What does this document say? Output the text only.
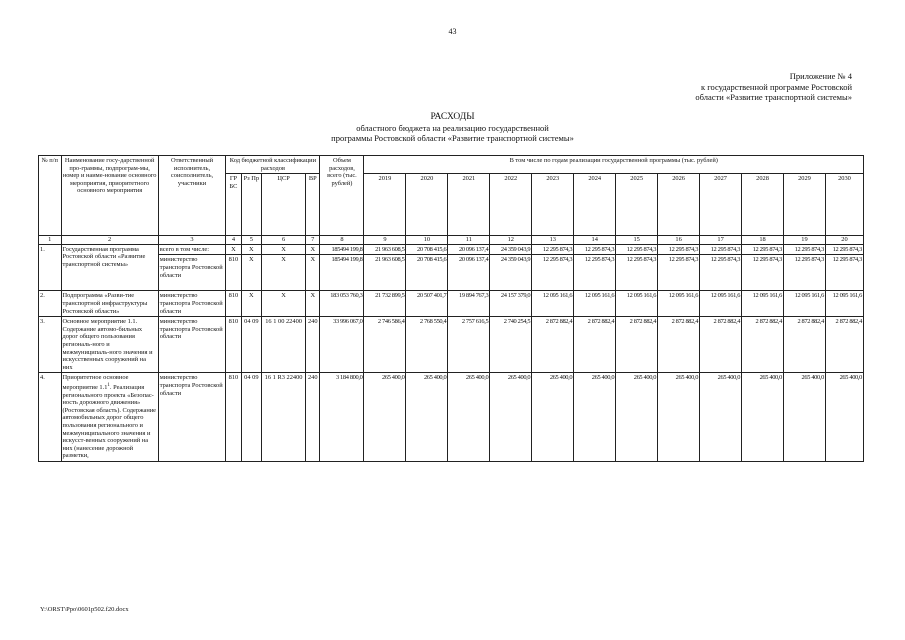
43
Приложение № 4
к государственной программе Ростовской
области «Развитие транспортной системы»
РАСХОДЫ
областного бюджета на реализацию государственной
программы Ростовской области «Развитие транспортной системы»
№ п/п	Наименование госу-дарственной про-граммы, подпрограм-мы, номер и наиме-нование основного мероприятия, приоритетного основного мероприятия	Ответственный исполнитель, соисполнитель, участники	Код бюджетной классификации расходов				Объем расходов, всего (тыс. рублей)	В том числе по годам реализации государственной программы (тыс. рублей)											
			ГР БС	Рз Пр	ЦСР	ВР		2019	2020	2021	2022	2023	2024	2025	2026	2027	2028	2029	2030
1	2	3	4	5	6	7	8	9	10	11	12	13	14	15	16	17	18	19	20
1.	Государственная программа Ростовской области «Развитие транспортной системы»	всего в том числе:	X	X	X	X	185494 199,8	21 963 608,5	20 708 415,6	20 096 137,4	24 359 043,9	12 295 874,3	12 295 874,3	12 295 874,3	12 295 874,3	12 295 874,3	12 295 874,3	12 295 874,3	12 295 874,3
		министерство транспорта Ростовской области	810	X	X	X	185494 199,8	21 963 608,5	20 708 415,6	20 096 137,4	24 359 043,9	12 295 874,3	12 295 874,3	12 295 874,3	12 295 874,3	12 295 874,3	12 295 874,3	12 295 874,3	12 295 874,3
2.	Подпрограмма «Разви-тие транспортной инфраструктуры Ростовской области»	министерство транспорта Ростовской области	810	X	X	X	183 053 760,3	21 732 899,5	20 507 401,7	19 894 767,3	24 157 379,0	12 095 161,6	12 095 161,6	12 095 161,6	12 095 161,6	12 095 161,6	12 095 161,6	12 095 161,6	12 095 161,6
3.	Основное мероприятие 1.1. Содержание автомо-бильных дорог общего пользования региональ-ного и межмуниципаль-ного значения и искусственных сооружений на них	министерство транспорта Ростовской области	810	04 09	16 1 00 22400	240	33 996 067,0	2 746 586,4	2 768 550,4	2 757 616,5	2 740 254,5	2 872 882,4	2 872 882,4	2 872 882,4	2 872 882,4	2 872 882,4	2 872 882,4	2 872 882,4	2 872 882,4
4.	Приоритетное основное мероприятие $1.1^1$. Реализация регионального проекта «Безопас-ность дорожного движения» (Ростовская область). Содержание автомобильных дорог общего пользования регионального и межмуниципального значения и искусст-венных сооружений на них (нанесение дорожной разметки,	министерство транспорта Ростовской области	810	04 09	16 1 R3 22400	240	3 184 800,0	265 400,0	265 400,0	265 400,0	265 400,0	265 400,0	265 400,0	265 400,0	265 400,0	265 400,0	265 400,0	265 400,0	265 400,0
Y:\ORST\Ppo\0601p502.f20.docx
